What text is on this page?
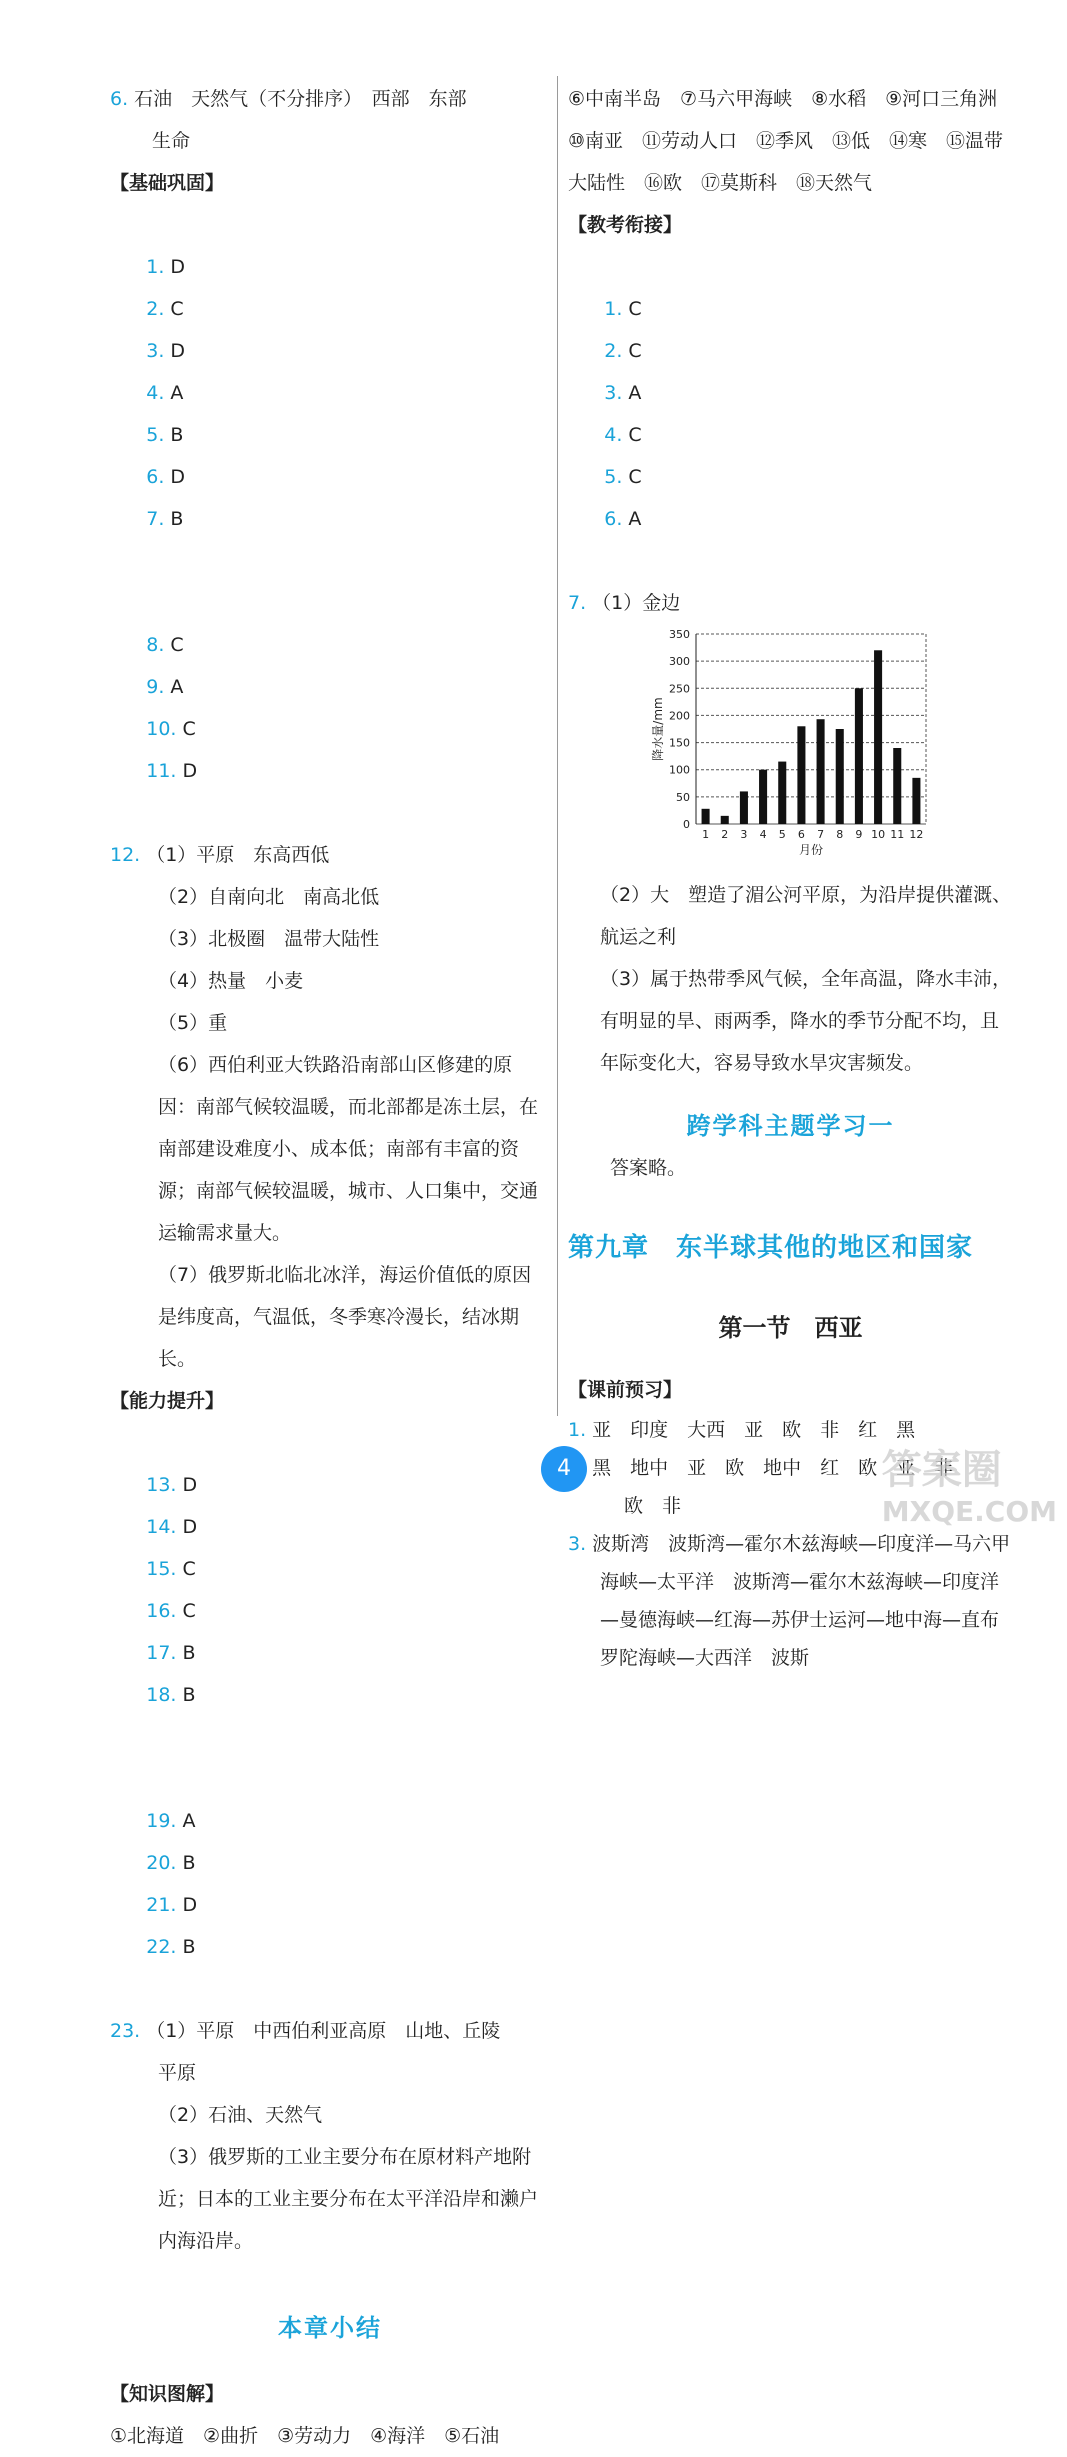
6. 石油　天然气（不分排序）　西部　东部
生命
【基础巩固】

1. D
2. C
3. D
4. A
5. B
6. D
7. B

8. C
9. A
10. C
11. D

12. （1）平原　东高西低
（2）自南向北　南高北低
（3）北极圈　温带大陆性
（4）热量　小麦
（5）重
（6）西伯利亚大铁路沿南部山区修建的原因：南部气候较温暖，而北部都是冻土层，在南部建设难度小、成本低；南部有丰富的资源；南部气候较温暖，城市、人口集中，交通运输需求量大。
（7）俄罗斯北临北冰洋，海运价值低的原因是纬度高，气温低，冬季寒冷漫长，结冰期长。
【能力提升】

13. D
14. D
15. C
16. C
17. B
18. B

19. A
20. B
21. D
22. B

23. （1）平原　中西伯利亚高原　山地、丘陵
平原
（2）石油、天然气
（3）俄罗斯的工业主要分布在原材料产地附近；日本的工业主要分布在太平洋沿岸和濑户内海沿岸。
本章小结
【知识图解】
①北海道　②曲折　③劳动力　④海洋　⑤石油
⑥中南半岛　⑦马六甲海峡　⑧水稻　⑨河口三角洲　⑩南亚　⑪劳动人口　⑫季风　⑬低　⑭寒　⑮温带大陆性　⑯欧　⑰莫斯科　⑱天然气
【教考衔接】

1. C
2. C
3. A
4. C
5. C
6. A

7. （1）金边
0
50
100
150
200
250
300
350
1 2 3 4 5 6 7 8 9 10 11 12
月份
降水量/mm
（2）大　塑造了湄公河平原，为沿岸提供灌溉、航运之利
（3）属于热带季风气候，全年高温，降水丰沛，有明显的旱、雨两季，降水的季节分配不均，且年际变化大，容易导致水旱灾害频发。
跨学科主题学习一
答案略。
第九章　东半球其他的地区和国家
第一节　西亚
【课前预习】
1. 亚　印度　大西　亚　欧　非　红　黑
黑　地中　亚　欧　地中　红　欧　亚　非
欧　非
3. 波斯湾　波斯湾—霍尔木兹海峡—印度洋—马六甲海峡—太平洋　波斯湾—霍尔木兹海峡—印度洋—曼德海峡—红海—苏伊士运河—地中海—直布罗陀海峡—大西洋　波斯
4	答案圈
MXQE.COM
